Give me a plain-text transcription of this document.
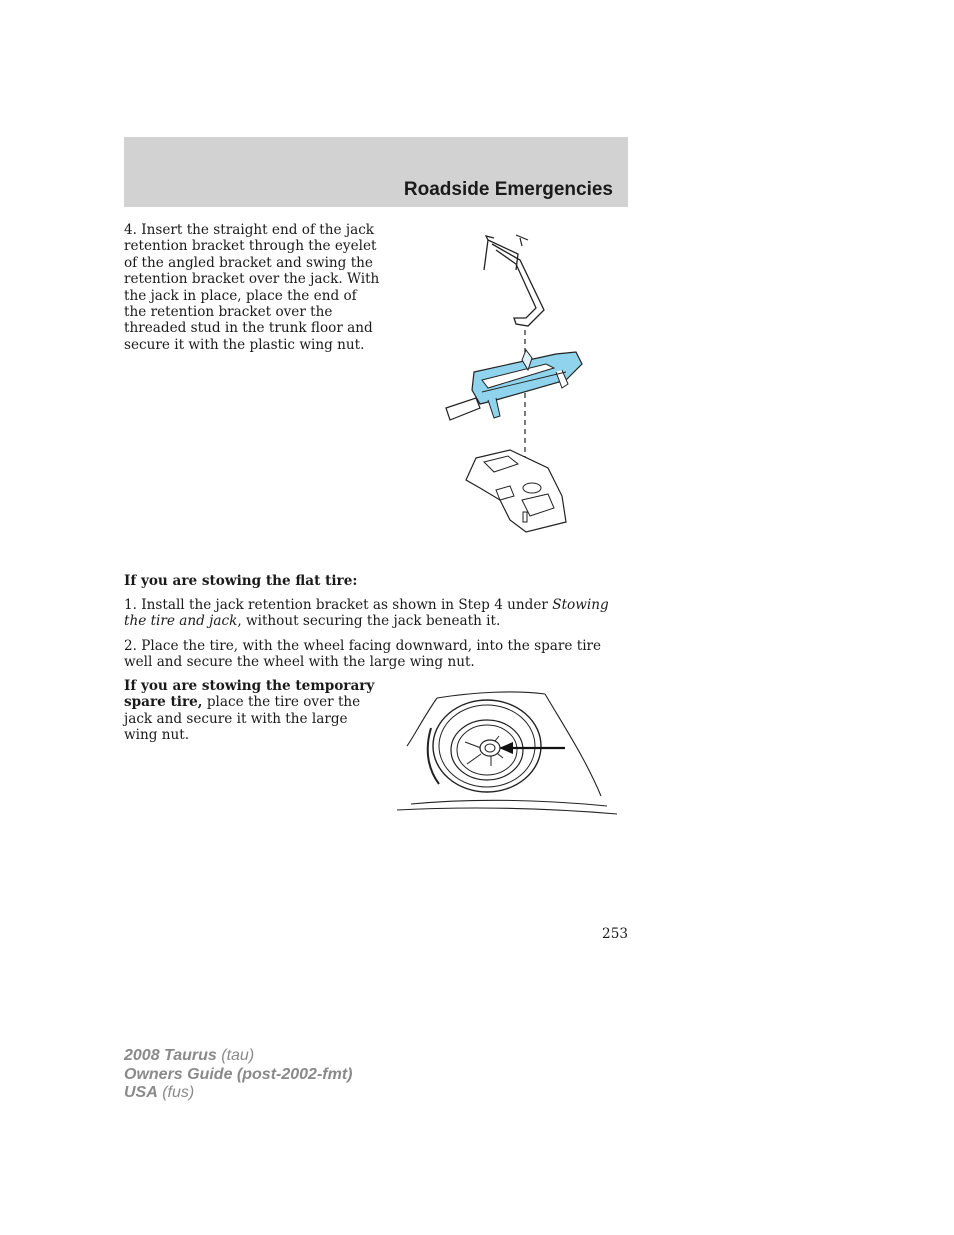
Roadside Emergencies

4. Insert the straight end of the jack retention bracket through the eyelet of the angled bracket and swing the retention bracket over the jack. With the jack in place, place the end of the retention bracket over the threaded stud in the trunk floor and secure it with the plastic wing nut.

If you are stowing the flat tire:

1. Install the jack retention bracket as shown in Step 4 under Stowing the tire and jack, without securing the jack beneath it.

2. Place the tire, with the wheel facing downward, into the spare tire well and secure the wheel with the large wing nut.

If you are stowing the temporary spare tire, place the tire over the jack and secure it with the large wing nut.

253

2008 Taurus (tau)
Owners Guide (post-2002-fmt)
USA (fus)
